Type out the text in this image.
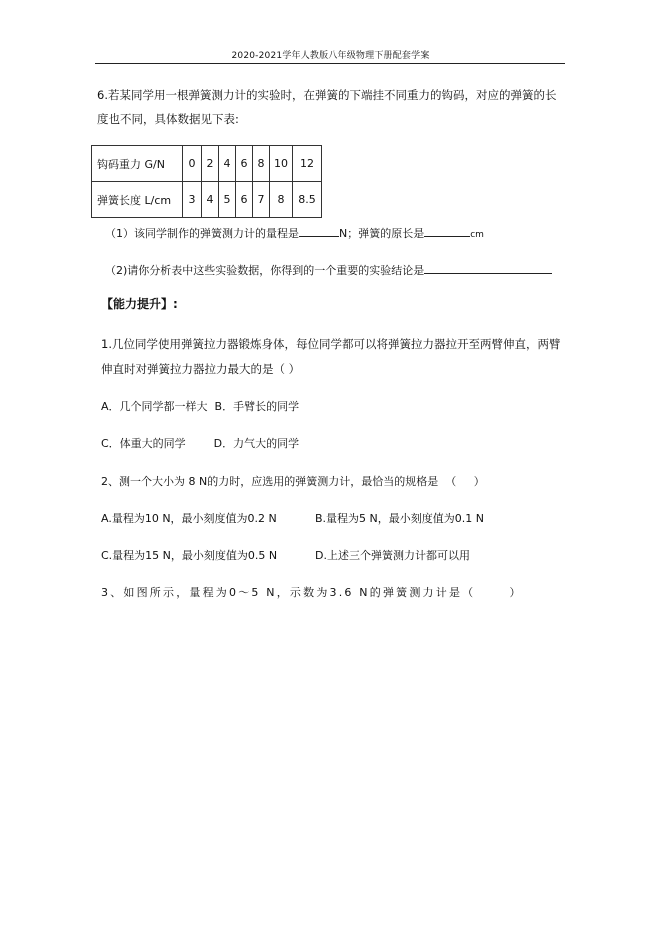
2020-2021学年人教版八年级物理下册配套学案
6.若某同学用一根弹簧测力计的实验时，在弹簧的下端挂不同重力的钩码，对应的弹簧的长
度也不同，具体数据见下表:
钩码重力 G/N	0	2	4	6	8	10	12
弹簧长度 L/cm	3	4	5	6	7	8	8.5
（1）该同学制作的弹簧测力计的量程是	N；弹簧的原长是	cm
（2)请你分析表中这些实验数据，你得到的一个重要的实验结论是
【能力提升】:
1.几位同学使用弹簧拉力器锻炼身体，每位同学都可以将弹簧拉力器拉开至两臂伸直，两臂
伸直时对弹簧拉力器拉力最大的是（ ）
A．几个同学都一样大  B．手臂长的同学
C．体重大的同学        D．力气大的同学
2、测一个大小为 8 N的力时，应选用的弹簧测力计，最恰当的规格是  （     ）
A.量程为10 N，最小刻度值为0.2 N	B.量程为5 N，最小刻度值为0.1 N
C.量程为15 N，最小刻度值为0.5 N	D.上述三个弹簧测力计都可以用
3、如图所示，量程为0～5 N，示数为3.6 N的弹簧测力计是（      ）
